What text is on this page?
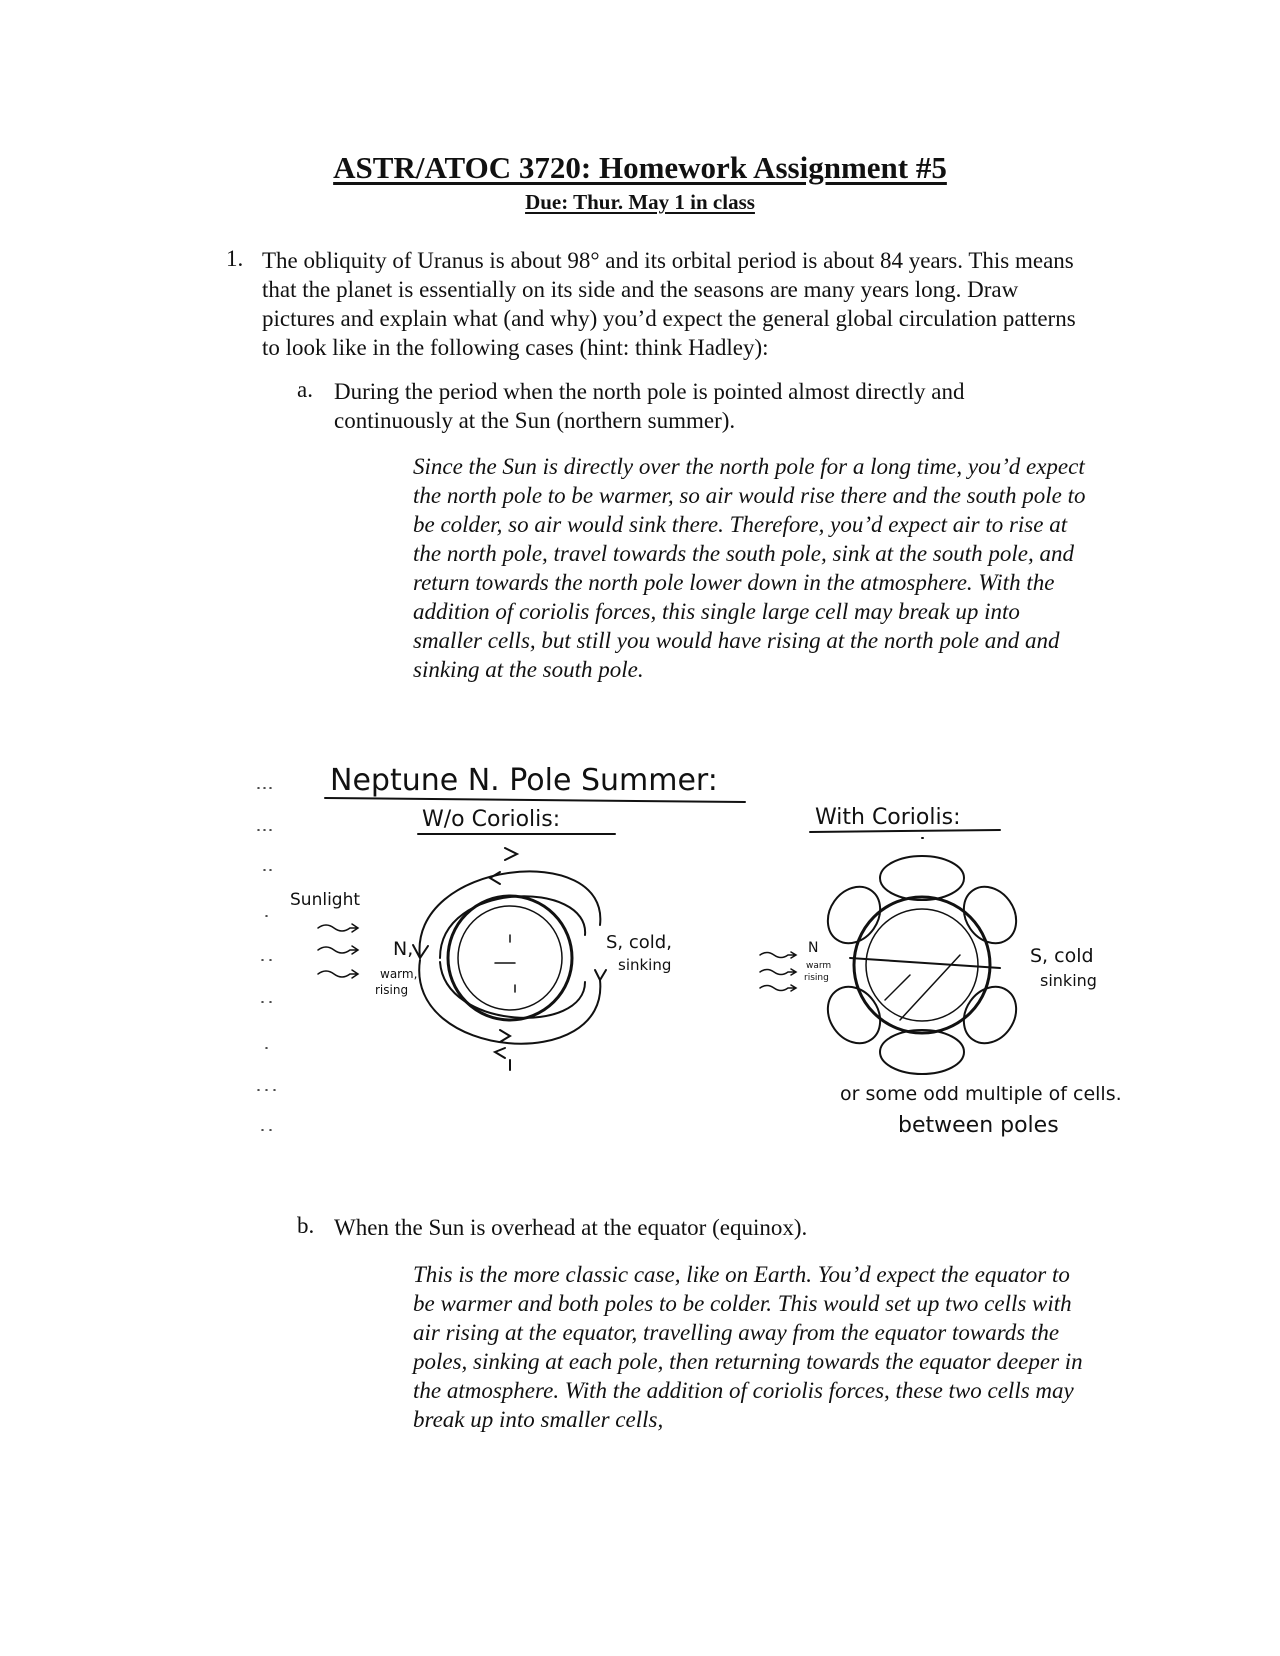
ASTR/ATOC 3720: Homework Assignment #5
Due: Thur. May 1 in class
1. The obliquity of Uranus is about 98° and its orbital period is about 84 years. This means that the planet is essentially on its side and the seasons are many years long. Draw pictures and explain what (and why) you’d expect the general global circulation patterns to look like in the following cases (hint: think Hadley):
a. During the period when the north pole is pointed almost directly and continuously at the Sun (northern summer).
Since the Sun is directly over the north pole for a long time, you’d expect the north pole to be warmer, so air would rise there and the south pole to be colder, so air would sink there. Therefore, you’d expect air to rise at the north pole, travel towards the south pole, sink at the south pole, and return towards the north pole lower down in the atmosphere. With the addition of coriolis forces, this single large cell may break up into smaller cells, but still you would have rising at the north pole and and sinking at the south pole.
Neptune N. Pole Summer:
W/o Coriolis:	With Coriolis:
Sunlight
N,
warm,
rising
S, cold,
sinking
N
warm
rising
S, cold
sinking
or some odd multiple of cells.
between poles
b. When the Sun is overhead at the equator (equinox).
This is the more classic case, like on Earth. You’d expect the equator to be warmer and both poles to be colder. This would set up two cells with air rising at the equator, travelling away from the equator towards the poles, sinking at each pole, then returning towards the equator deeper in the atmosphere. With the addition of coriolis forces, these two cells may break up into smaller cells,
